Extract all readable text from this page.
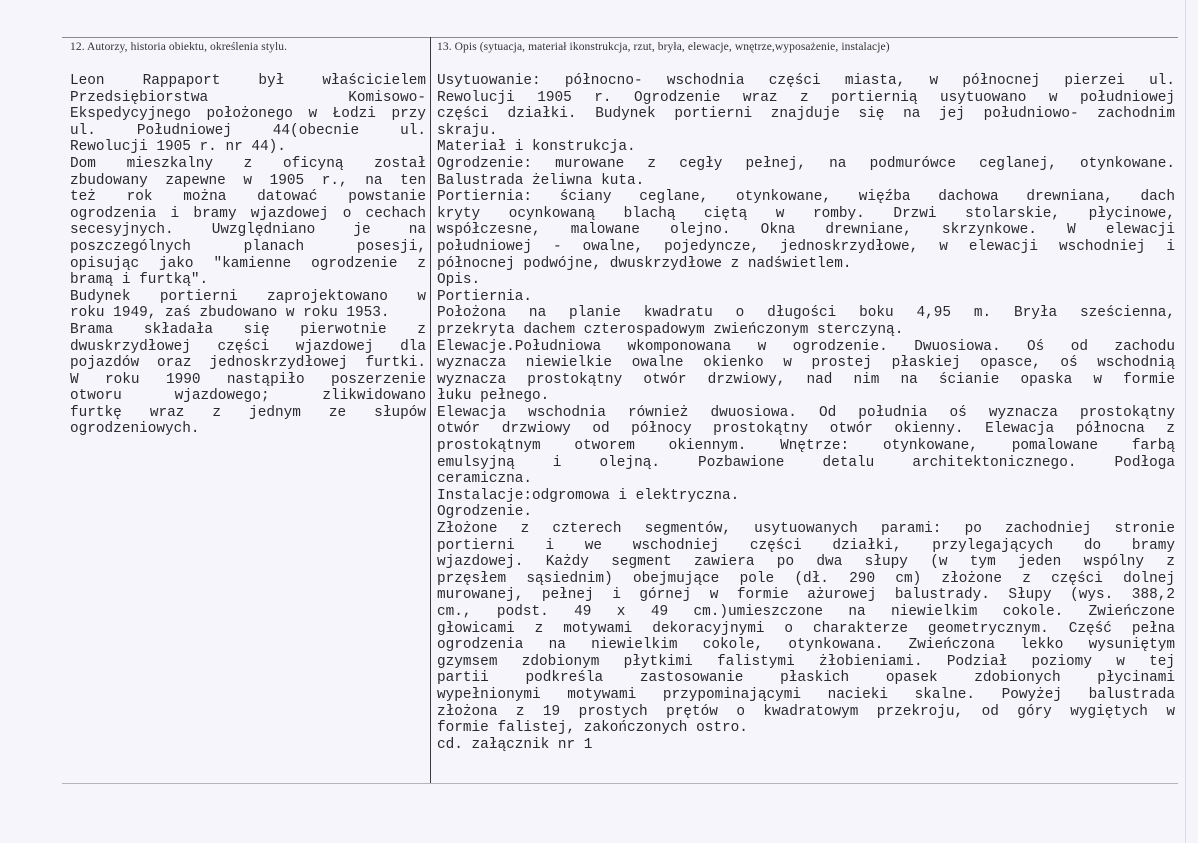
12. Autorzy, historia obiektu, określenia stylu.	13. Opis (sytuacja, materiał ikonstrukcja, rzut, bryła, elewacje, wnętrze,wyposażenie, instalacje)
Leon Rappaport był właścicielem
Przedsiębiorstwa Komisowo-
Ekspedycyjnego położonego w Łodzi przy
ul. Południowej 44(obecnie ul.
Rewolucji 1905 r. nr 44).
Dom mieszkalny z oficyną został
zbudowany zapewne w 1905 r., na ten
też rok można datować powstanie
ogrodzenia i bramy wjazdowej o cechach
secesyjnych. Uwzględniano je na
poszczególnych planach posesji,
opisując jako "kamienne ogrodzenie z
bramą i furtką".
Budynek portierni zaprojektowano w
roku 1949, zaś zbudowano w roku 1953.
Brama składała się pierwotnie z
dwuskrzydłowej części wjazdowej dla
pojazdów oraz jednoskrzydłowej furtki.
W roku 1990 nastąpiło poszerzenie
otworu wjazdowego; zlikwidowano
furtkę wraz z jednym ze słupów
ogrodzeniowych.
Usytuowanie: północno- wschodnia części miasta, w północnej pierzei ul.
Rewolucji 1905 r. Ogrodzenie wraz z portiernią usytuowano w południowej
części działki. Budynek portierni znajduje się na jej południowo- zachodnim
skraju.
Materiał i konstrukcja.
Ogrodzenie: murowane z cegły pełnej, na podmurówce ceglanej, otynkowane.
Balustrada żeliwna kuta.
Portiernia: ściany ceglane, otynkowane, więźba dachowa drewniana, dach
kryty ocynkowaną blachą ciętą w romby. Drzwi stolarskie, płycinowe,
współczesne, malowane olejno. Okna drewniane, skrzynkowe. W elewacji
południowej - owalne, pojedyncze, jednoskrzydłowe, w elewacji wschodniej i
północnej podwójne, dwuskrzydłowe z nadświetlem.
Opis.
Portiernia.
Położona na planie kwadratu o długości boku 4,95 m. Bryła sześcienna,
przekryta dachem czterospadowym zwieńczonym sterczyną.
Elewacje.Południowa wkomponowana w ogrodzenie. Dwuosiowa. Oś od zachodu
wyznacza niewielkie owalne okienko w prostej płaskiej opasce, oś wschodnią
wyznacza prostokątny otwór drzwiowy, nad nim na ścianie opaska w formie
łuku pełnego.
Elewacja wschodnia również dwuosiowa. Od południa oś wyznacza prostokątny
otwór drzwiowy od północy prostokątny otwór okienny. Elewacja północna z
prostokątnym otworem okiennym. Wnętrze: otynkowane, pomalowane farbą
emulsyjną i olejną. Pozbawione detalu architektonicznego. Podłoga
ceramiczna.
Instalacje:odgromowa i elektryczna.
Ogrodzenie.
Złożone z czterech segmentów, usytuowanych parami: po zachodniej stronie
portierni i we wschodniej części działki, przylegających do bramy
wjazdowej. Każdy segment zawiera po dwa słupy (w tym jeden wspólny z
przęsłem sąsiednim) obejmujące pole (dł. 290 cm) złożone z części dolnej
murowanej, pełnej i górnej w formie ażurowej balustrady. Słupy (wys. 388,2
cm., podst. 49 x 49 cm.)umieszczone na niewielkim cokole. Zwieńczone
głowicami z motywami dekoracyjnymi o charakterze geometrycznym. Część pełna
ogrodzenia na niewielkim cokole, otynkowana. Zwieńczona lekko wysuniętym
gzymsem zdobionym płytkimi falistymi żłobieniami. Podział poziomy w tej
partii podkreśla zastosowanie płaskich opasek zdobionych płycinami
wypełnionymi motywami przypominającymi nacieki skalne. Powyżej balustrada
złożona z 19 prostych prętów o kwadratowym przekroju, od góry wygiętych w
formie falistej, zakończonych ostro.
cd. załącznik nr 1
